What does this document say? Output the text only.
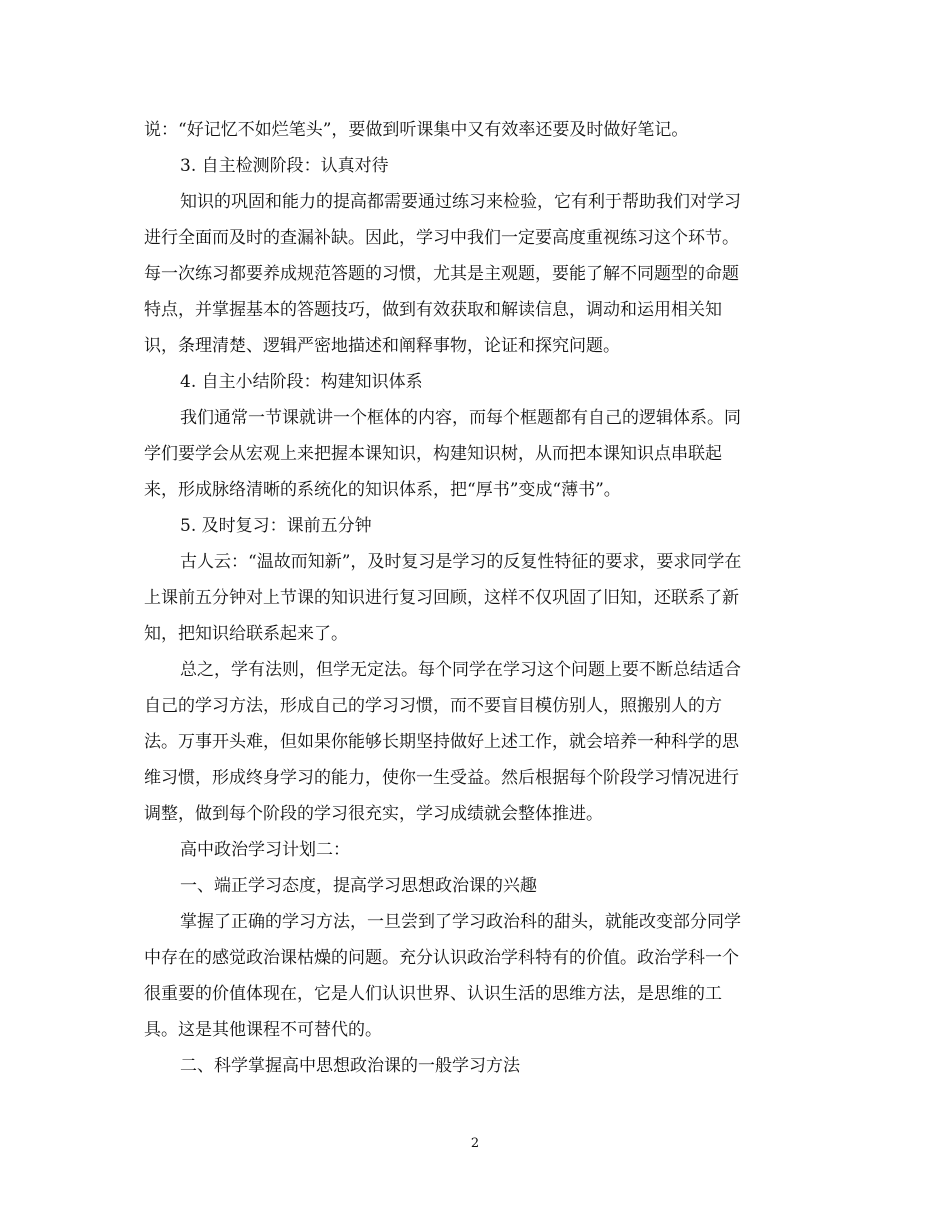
说：“好记忆不如烂笔头”，要做到听课集中又有效率还要及时做好笔记。
3. 自主检测阶段：认真对待
知识的巩固和能力的提高都需要通过练习来检验，它有利于帮助我们对学习
进行全面而及时的查漏补缺。因此，学习中我们一定要高度重视练习这个环节。
每一次练习都要养成规范答题的习惯，尤其是主观题，要能了解不同题型的命题
特点，并掌握基本的答题技巧，做到有效获取和解读信息，调动和运用相关知
识，条理清楚、逻辑严密地描述和阐释事物，论证和探究问题。
4. 自主小结阶段：构建知识体系
我们通常一节课就讲一个框体的内容，而每个框题都有自己的逻辑体系。同
学们要学会从宏观上来把握本课知识，构建知识树，从而把本课知识点串联起
来，形成脉络清晰的系统化的知识体系，把“厚书”变成“薄书”。
5. 及时复习：课前五分钟
古人云：“温故而知新”，及时复习是学习的反复性特征的要求，要求同学在
上课前五分钟对上节课的知识进行复习回顾，这样不仅巩固了旧知，还联系了新
知，把知识给联系起来了。
总之，学有法则，但学无定法。每个同学在学习这个问题上要不断总结适合
自己的学习方法，形成自己的学习习惯，而不要盲目模仿别人，照搬别人的方
法。万事开头难，但如果你能够长期坚持做好上述工作，就会培养一种科学的思
维习惯，形成终身学习的能力，使你一生受益。然后根据每个阶段学习情况进行
调整，做到每个阶段的学习很充实，学习成绩就会整体推进。
高中政治学习计划二：
一、端正学习态度，提高学习思想政治课的兴趣
掌握了正确的学习方法，一旦尝到了学习政治科的甜头，就能改变部分同学
中存在的感觉政治课枯燥的问题。充分认识政治学科特有的价值。政治学科一个
很重要的价值体现在，它是人们认识世界、认识生活的思维方法，是思维的工
具。这是其他课程不可替代的。
二、科学掌握高中思想政治课的一般学习方法
2
